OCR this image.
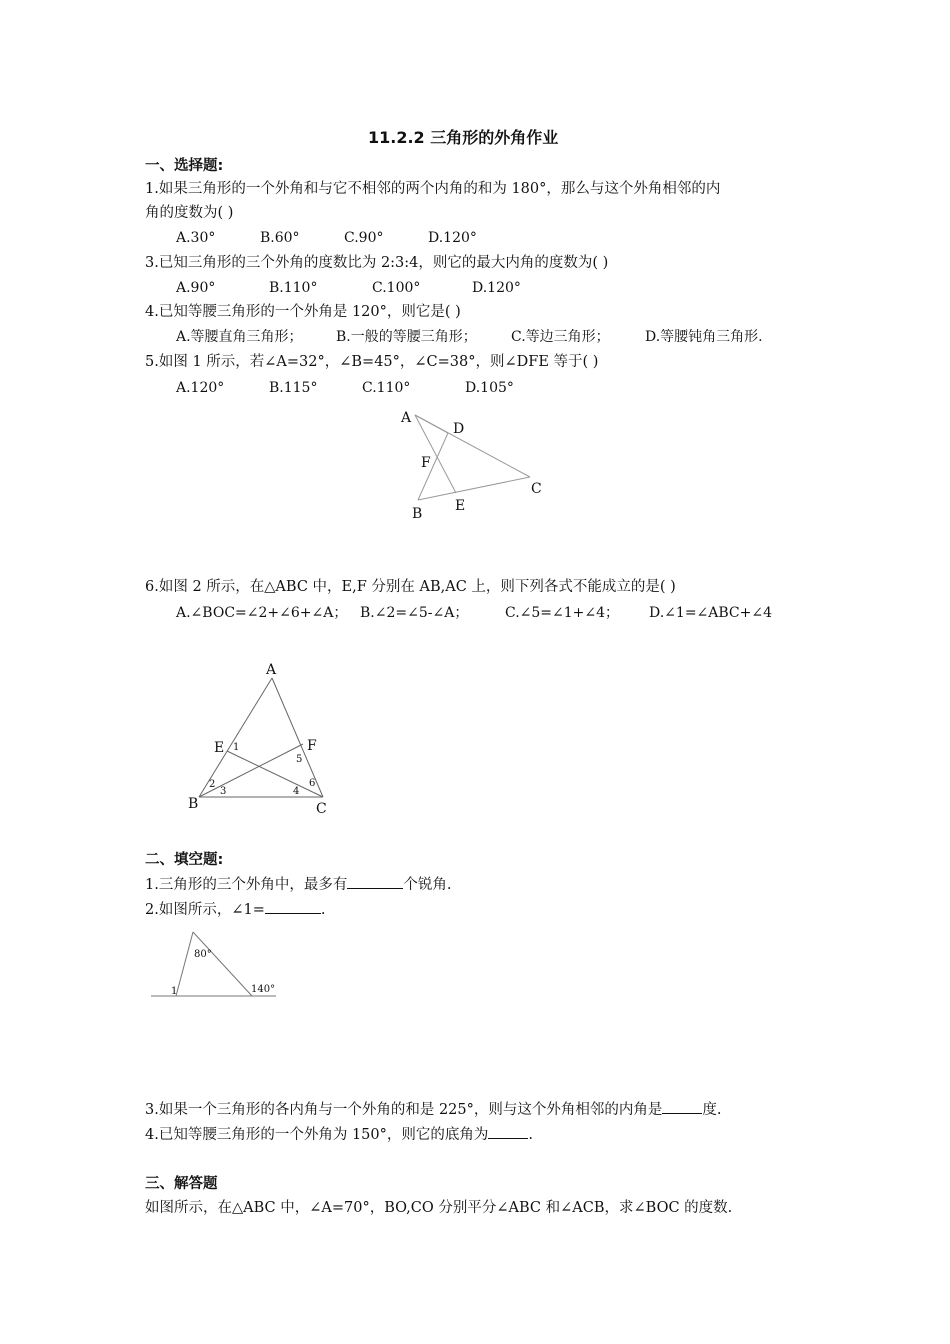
11.2.2 三角形的外角作业
一、选择题:
1.如果三角形的一个外角和与它不相邻的两个内角的和为 180°，那么与这个外角相邻的内
角的度数为( )
A.30°	B.60°	C.90°	D.120°
3.已知三角形的三个外角的度数比为 2:3:4，则它的最大内角的度数为( )
A.90°	B.110°	C.100°	D.120°
4.已知等腰三角形的一个外角是 120°，则它是( )
A.等腰直角三角形； B.一般的等腰三角形； C.等边三角形；	D.等腰钝角三角形.
5.如图 1 所示，若∠A=32°，∠B=45°，∠C=38°，则∠DFE 等于( )
A.120°	B.115°	C.110°	D.105°
A
D
F
C
E
B
6.如图 2 所示，在△ABC 中，E,F 分别在 AB,AC 上，则下列各式不能成立的是( )
A.∠BOC=∠2+∠6+∠A； B.∠2=∠5-∠A；	C.∠5=∠1+∠4； D.∠1=∠ABC+∠4
A
E	F
B	C
1
2
3	4
5
6
二、填空题:
1.三角形的三个外角中，最多有	个锐角.
2.如图所示，∠1=	.
80°
140°
1
3.如果一个三角形的各内角与一个外角的和是 225°，则与这个外角相邻的内角是	度.
4.已知等腰三角形的一个外角为 150°，则它的底角为	.
三、解答题
如图所示，在△ABC 中，∠A=70°，BO,CO 分别平分∠ABC 和∠ACB，求∠BOC 的度数.
